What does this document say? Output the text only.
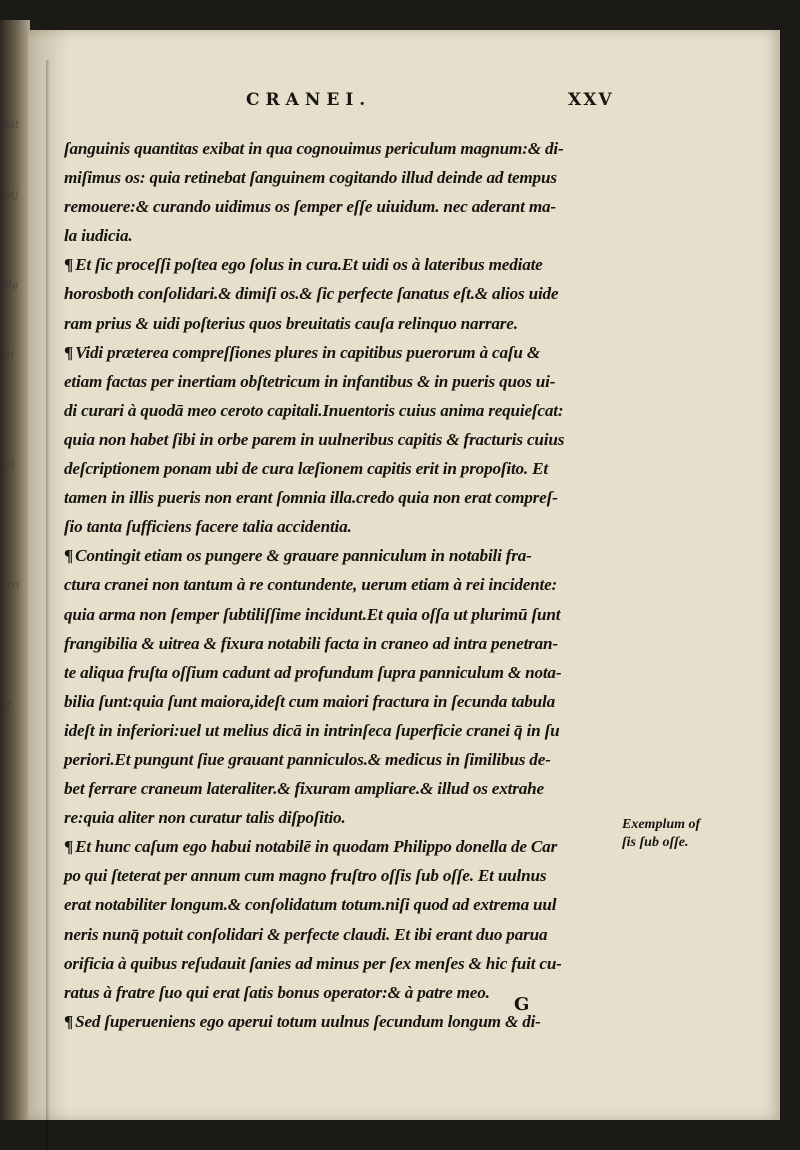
ſiat
lnij
lllg
rti
uil
ctri
rf
i
CRANEI.	XXV
ſanguinis quantitas exibat in qua cognouimus periculum magnum:& di-
miſimus os: quia retinebat ſanguinem cogitando illud deinde ad tempus
remouere:& curando uidimus os ſemper eſſe uiuidum. nec aderant ma-
la iudicia.
¶ Et ſic proceſſi poſtea ego ſolus in cura.Et uidi os à lateribus mediate
horosboth conſolidari.& dimiſi os.& ſic perfecte ſanatus eſt.& alios uide
ram prius & uidi poſterius quos breuitatis cauſa relinquo narrare.
¶ Vidi præterea compreſſiones plures in capitibus puerorum à caſu &
etiam factas per inertiam obſtetricum in infantibus & in pueris quos ui-
di curari à quodā meo ceroto capitali.Inuentoris cuius anima requieſcat:
quia non habet ſibi in orbe parem in uulneribus capitis & fracturis cuius
deſcriptionem ponam ubi de cura læſionem capitis erit in propoſito. Et
tamen in illis pueris non erant ſomnia illa.credo quia non erat compreſ-
ſio tanta ſufficiens facere talia accidentia.
¶ Contingit etiam os pungere & grauare panniculum in notabili fra-
ctura cranei non tantum à re contundente, uerum etiam à rei incidente:
quia arma non ſemper ſubtiliſſime incidunt.Et quia oſſa ut plurimū ſunt
frangibilia & uitrea & fixura notabili facta in craneo ad intra penetran-
te aliqua fruſta oſſium cadunt ad profundum ſupra panniculum & nota-
bilia ſunt:quia ſunt maiora,ideſt cum maiori fractura in ſecunda tabula
ideſt in inferiori:uel ut melius dicā in intrinſeca ſuperficie cranei q̄ in ſu
periori.Et pungunt ſiue grauant panniculos.& medicus in ſimilibus de-
bet ferrare craneum lateraliter.& fixuram ampliare.& illud os extrahe
re:quia aliter non curatur talis diſpoſitio.
¶ Et hunc caſum ego habui notabilē in quodam Philippo donella de Car
po qui ſteterat per annum cum magno fruſtro oſſis ſub oſſe. Et uulnus
erat notabiliter longum.& conſolidatum totum.niſi quod ad extrema uul
neris nunq̄ potuit conſolidari & perfecte claudi. Et ibi erant duo parua
orificia à quibus reſudauit ſanies ad minus per ſex menſes & hic fuit cu-
ratus à fratre ſuo qui erat ſatis bonus operator:& à patre meo.
¶ Sed ſuperueniens ego aperui totum uulnus ſecundum longum & di-
Exemplum of
ſis ſub oſſe.
G
